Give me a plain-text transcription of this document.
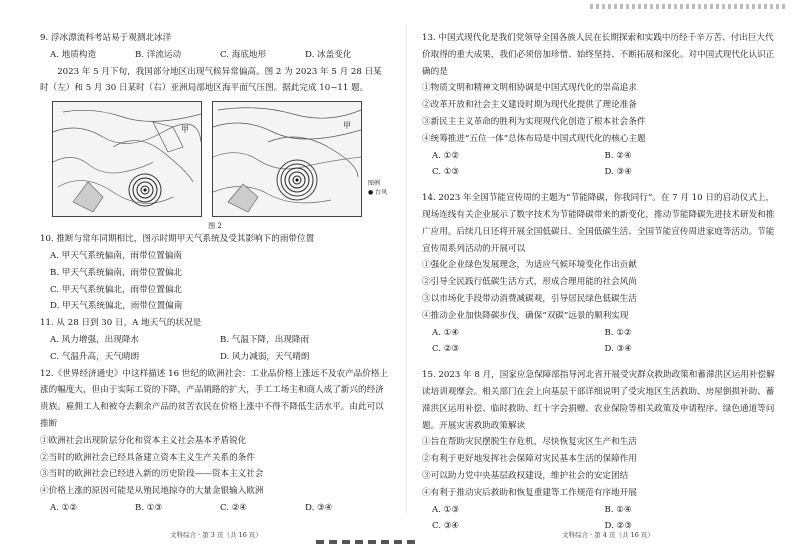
9. 浮冰漂流科考站易于观测北冰洋

A. 地质构造	B. 洋流运动	C. 海底地形	D. 冰盖变化

2023 年 5 月下旬，我国部分地区出现气候异常偏高。图 2 为 2023 年 5 月 28 日某时（左）和 5 月 30 日某时（右）亚洲局部地区海平面气压图。据此完成 10~11 题。

甲	甲
图例
● 台风
图 2

10. 推断与常年同期相比，图示时期甲天气系统及受其影响下的雨带位置

A. 甲天气系统偏南，雨带位置偏南
B. 甲天气系统偏南，雨带位置偏北
C. 甲天气系统偏北，雨带位置偏北
D. 甲天气系统偏北，雨带位置偏南

11. 从 28 日到 30 日，A 地天气的状况是

A. 风力增强，出现降水	B. 气温下降，出现降雨
C. 气温升高，天气晴朗	D. 风力减弱，天气晴朗

12.《世界经济通史》中这样描述 16 世纪的欧洲社会：工业品价格上涨远不及农产品价格上涨的幅度大，但由于实际工资的下降，产品销路的扩大，手工工场主和商人成了新兴的经济贵族。雇佣工人和被夺去剩余产品的贫苦农民在价格上涨中不得不降低生活水平。由此可以推断

①欧洲社会出现阶层分化和资本主义社会基本矛盾锐化
②当时的欧洲社会已经具备建立资本主义生产关系的条件
③当时的欧洲社会已经进入新的历史阶段——资本主义社会
④价格上涨的原因可能是从殖民地掠夺的大量金银输入欧洲
A. ①②	B. ①③	C. ②④	D. ③④
文科综合 · 第 3 页（共 16 页）

13. 中国式现代化是我们党领导全国各族人民在长期探索和实践中历经千辛万苦、付出巨大代价取得的重大成果，我们必须倍加珍惜、始终坚持、不断拓展和深化。对中国式现代化认识正确的是

①物质文明和精神文明相协调是中国式现代化的崇高追求
②改革开放和社会主义建设时期为现代化提供了理论准备
③新民主主义革命的胜利为实现现代化创造了根本社会条件
④统筹推进“五位一体”总体布局是中国式现代化的核心主题
A. ①②	B. ②④
C. ①③	D. ③④

14. 2023 年全国节能宣传周的主题为“节能降碳，你我同行”。在 7 月 10 日的启动仪式上，现场连线有关企业展示了数字技术为节能降碳带来的新变化，推动节能降碳先进技术研发和推广应用。后续几日还将开展全国低碳日、全国低碳生活、全国节能宣传周进家庭等活动。节能宣传周系列活动的开展可以

①强化企业绿色发展理念，为适应气候环境变化作出贡献
②引导全民践行低碳生活方式，形成合理用能的社会风尚
③以市场化手段带动消费减碳观，引导居民绿色低碳生活
④推动企业加快降碳步伐，确保“双碳”远景的顺利实现
A. ①④	B. ①②
C. ②③	D. ③④

15. 2023 年 8 月，国家应急保障部指导河北省开展受灾群众救助政策和蓄滞洪区运用补偿解读培训观摩会。相关部门在会上向基层干部详细说明了受灾地区生活救助、房屋倒损补助、蓄滞洪区运用补偿、临时救助、红十字会捐赠、农业保险等相关政策及申请程序、绿色通道等问题。开展灾害救助政策解读

①旨在帮助灾民摆脱生存危机，尽快恢复灾区生产和生活
②有利于更好地发挥社会保障对灾民基本生活的保障作用
③可以助力党中央基层政权建设，维护社会的安定团结
④有利于推动灾后救助和恢复重建等工作规范有序地开展
A. ①③	B. ①④
C. ③④	D. ②③
文科综合 · 第 4 页（共 16 页）
